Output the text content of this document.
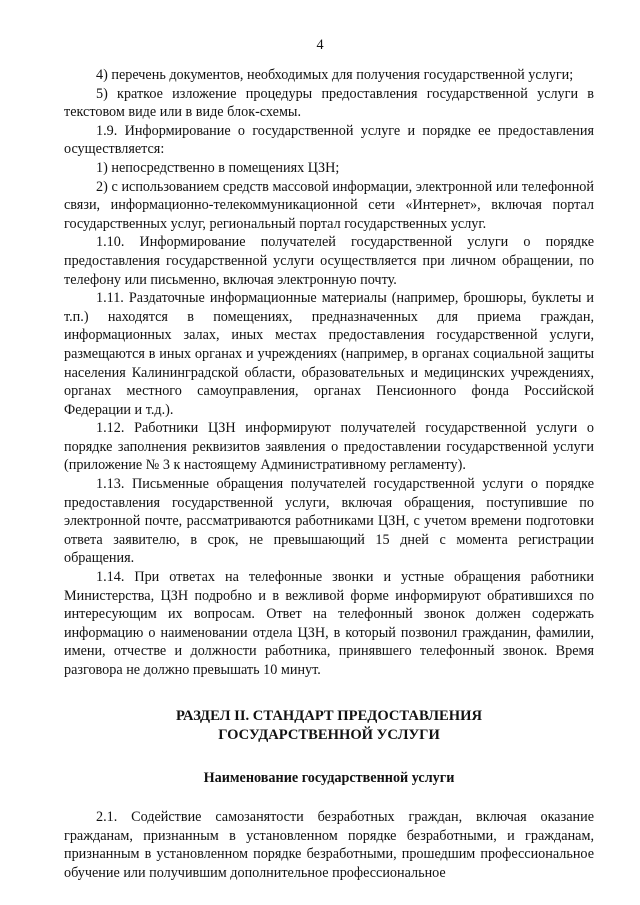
4

4) перечень документов, необходимых для получения государственной услуги;

5) краткое изложение процедуры предоставления государственной услуги в текстовом виде или в виде блок-схемы.

1.9. Информирование о государственной услуге и порядке ее предоставления осуществляется:

1) непосредственно в помещениях ЦЗН;

2) с использованием средств массовой информации, электронной или телефонной связи, информационно-телекоммуникационной сети «Интернет», включая портал государственных услуг, региональный портал государственных услуг.

1.10. Информирование получателей государственной услуги о порядке предоставления государственной услуги осуществляется при личном обращении, по телефону или письменно, включая электронную почту.

1.11. Раздаточные информационные материалы (например, брошюры, буклеты и т.п.) находятся в помещениях, предназначенных для приема граждан, информационных залах, иных местах предоставления государственной услуги, размещаются в иных органах и учреждениях (например, в органах социальной защиты населения Калининградской области, образовательных и медицинских учреждениях, органах местного самоуправления, органах Пенсионного фонда Российской Федерации и т.д.).

1.12. Работники ЦЗН информируют получателей государственной услуги о порядке заполнения реквизитов заявления о предоставлении государственной услуги (приложение № 3 к настоящему Административному регламенту).

1.13. Письменные обращения получателей государственной услуги о порядке предоставления государственной услуги, включая обращения, поступившие по электронной почте, рассматриваются работниками ЦЗН, с учетом времени подготовки ответа заявителю, в срок, не превышающий 15 дней с момента регистрации обращения.

1.14. При ответах на телефонные звонки и устные обращения работники Министерства, ЦЗН подробно и в вежливой форме информируют обратившихся по интересующим их вопросам. Ответ на телефонный звонок должен содержать информацию о наименовании отдела ЦЗН, в который позвонил гражданин, фамилии, имени, отчестве и должности работника, принявшего телефонный звонок. Время разговора не должно превышать 10 минут.

РАЗДЕЛ II. СТАНДАРТ ПРЕДОСТАВЛЕНИЯ
ГОСУДАРСТВЕННОЙ УСЛУГИ
Наименование государственной услуги

2.1. Содействие самозанятости безработных граждан, включая оказание гражданам, признанным в установленном порядке безработными, и гражданам, признанным в установленном порядке безработными, прошедшим профессиональное обучение или получившим дополнительное профессиональное
